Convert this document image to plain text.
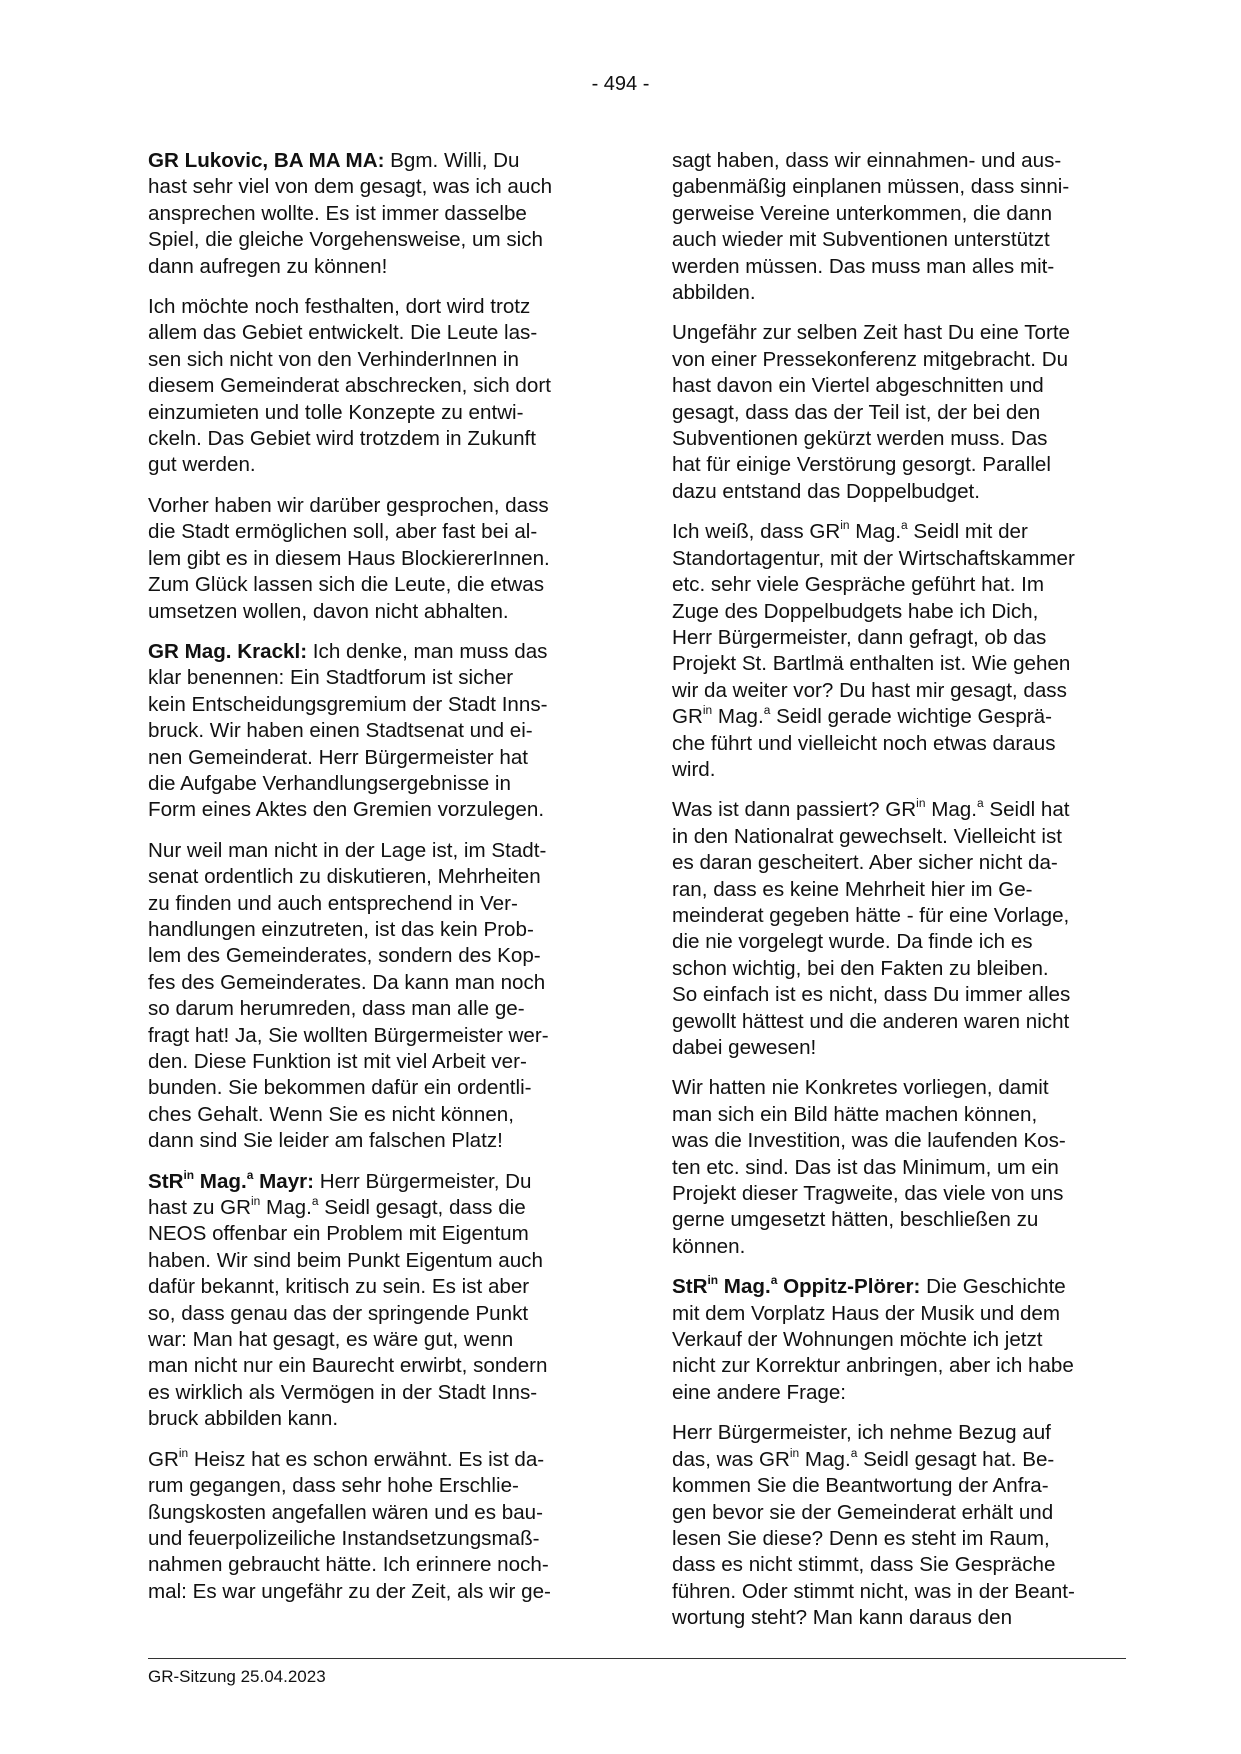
- 494 -

GR Lukovic, BA MA MA: Bgm. Willi, Du
hast sehr viel von dem gesagt, was ich auch
ansprechen wollte. Es ist immer dasselbe
Spiel, die gleiche Vorgehensweise, um sich
dann aufregen zu können!

Ich möchte noch festhalten, dort wird trotz
allem das Gebiet entwickelt. Die Leute las-
sen sich nicht von den VerhinderInnen in
diesem Gemeinderat abschrecken, sich dort
einzumieten und tolle Konzepte zu entwi-
ckeln. Das Gebiet wird trotzdem in Zukunft
gut werden.

Vorher haben wir darüber gesprochen, dass
die Stadt ermöglichen soll, aber fast bei al-
lem gibt es in diesem Haus BlockiererInnen.
Zum Glück lassen sich die Leute, die etwas
umsetzen wollen, davon nicht abhalten.

GR Mag. Krackl: Ich denke, man muss das
klar benennen: Ein Stadtforum ist sicher
kein Entscheidungsgremium der Stadt Inns-
bruck. Wir haben einen Stadtsenat und ei-
nen Gemeinderat. Herr Bürgermeister hat
die Aufgabe Verhandlungsergebnisse in
Form eines Aktes den Gremien vorzulegen.

Nur weil man nicht in der Lage ist, im Stadt-
senat ordentlich zu diskutieren, Mehrheiten
zu finden und auch entsprechend in Ver-
handlungen einzutreten, ist das kein Prob-
lem des Gemeinderates, sondern des Kop-
fes des Gemeinderates. Da kann man noch
so darum herumreden, dass man alle ge-
fragt hat! Ja, Sie wollten Bürgermeister wer-
den. Diese Funktion ist mit viel Arbeit ver-
bunden. Sie bekommen dafür ein ordentli-
ches Gehalt. Wenn Sie es nicht können,
dann sind Sie leider am falschen Platz!

StR$^{in}$ Mag.$^a$ Mayr: Herr Bürgermeister, Du
hast zu $GR^{in}$ Mag.$^a$ Seidl gesagt, dass die
NEOS offenbar ein Problem mit Eigentum
haben. Wir sind beim Punkt Eigentum auch
dafür bekannt, kritisch zu sein. Es ist aber
so, dass genau das der springende Punkt
war: Man hat gesagt, es wäre gut, wenn
man nicht nur ein Baurecht erwirbt, sondern
es wirklich als Vermögen in der Stadt Inns-
bruck abbilden kann.

$GR^{in}$ Heisz hat es schon erwähnt. Es ist da-
rum gegangen, dass sehr hohe Erschlie-
ßungskosten angefallen wären und es bau-
und feuerpolizeiliche Instandsetzungsmaß-
nahmen gebraucht hätte. Ich erinnere noch-
mal: Es war ungefähr zu der Zeit, als wir ge-

sagt haben, dass wir einnahmen- und aus-
gabenmäßig einplanen müssen, dass sinni-
gerweise Vereine unterkommen, die dann
auch wieder mit Subventionen unterstützt
werden müssen. Das muss man alles mit-
abbilden.

Ungefähr zur selben Zeit hast Du eine Torte
von einer Pressekonferenz mitgebracht. Du
hast davon ein Viertel abgeschnitten und
gesagt, dass das der Teil ist, der bei den
Subventionen gekürzt werden muss. Das
hat für einige Verstörung gesorgt. Parallel
dazu entstand das Doppelbudget.

Ich weiß, dass $GR^{in}$ Mag.$^a$ Seidl mit der
Standortagentur, mit der Wirtschaftskammer
etc. sehr viele Gespräche geführt hat. Im
Zuge des Doppelbudgets habe ich Dich,
Herr Bürgermeister, dann gefragt, ob das
Projekt St. Bartlmä enthalten ist. Wie gehen
wir da weiter vor? Du hast mir gesagt, dass
$GR^{in}$ Mag.$^a$ Seidl gerade wichtige Gesprä-
che führt und vielleicht noch etwas daraus
wird.

Was ist dann passiert? $GR^{in}$ Mag.$^a$ Seidl hat
in den Nationalrat gewechselt. Vielleicht ist
es daran gescheitert. Aber sicher nicht da-
ran, dass es keine Mehrheit hier im Ge-
meinderat gegeben hätte - für eine Vorlage,
die nie vorgelegt wurde. Da finde ich es
schon wichtig, bei den Fakten zu bleiben.
So einfach ist es nicht, dass Du immer alles
gewollt hättest und die anderen waren nicht
dabei gewesen!

Wir hatten nie Konkretes vorliegen, damit
man sich ein Bild hätte machen können,
was die Investition, was die laufenden Kos-
ten etc. sind. Das ist das Minimum, um ein
Projekt dieser Tragweite, das viele von uns
gerne umgesetzt hätten, beschließen zu
können.

StR$^{in}$ Mag.$^a$ Oppitz-Plörer: Die Geschichte
mit dem Vorplatz Haus der Musik und dem
Verkauf der Wohnungen möchte ich jetzt
nicht zur Korrektur anbringen, aber ich habe
eine andere Frage:

Herr Bürgermeister, ich nehme Bezug auf
das, was $GR^{in}$ Mag.$^a$ Seidl gesagt hat. Be-
kommen Sie die Beantwortung der Anfra-
gen bevor sie der Gemeinderat erhält und
lesen Sie diese? Denn es steht im Raum,
dass es nicht stimmt, dass Sie Gespräche
führen. Oder stimmt nicht, was in der Beant-
wortung steht? Man kann daraus den

GR-Sitzung 25.04.2023
